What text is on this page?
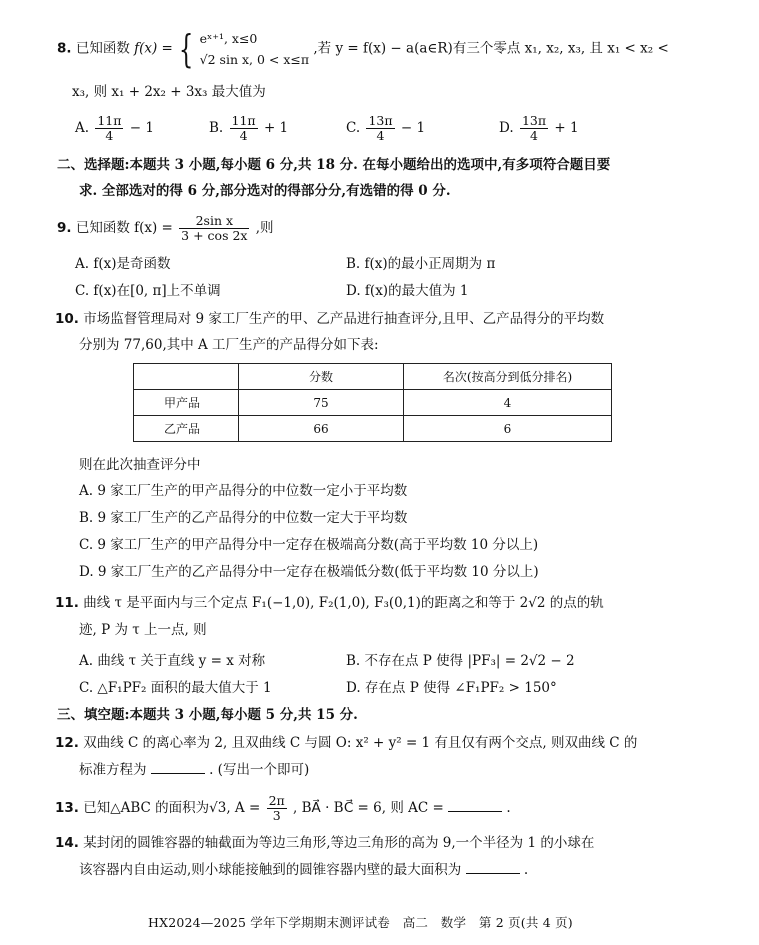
8. 已知函数 f(x) = { eˣ⁺¹, x≤0
√2 sin x, 0 < x≤π
,若 y = f(x) − a(a∈R)有三个零点 x₁, x₂, x₃, 且 x₁ < x₂ <
x₃, 则 x₁ + 2x₂ + 3x₃ 最大值为
A. $\frac{11\pi}{4} - 1$	B. $\frac{11\pi}{4} + 1$	C. $\frac{13\pi}{4} - 1$	D. $\frac{13\pi}{4} + 1$
二、选择题:本题共 3 小题,每小题 6 分,共 18 分. 在每小题给出的选项中,有多项符合题目要
求. 全部选对的得 6 分,部分选对的得部分分,有选错的得 0 分.
9. 已知函数 $f(x) = \frac{\text{2sin x}}{3 + \cos 2x}$ ,则
A. f(x)是奇函数	B. f(x)的最小正周期为 π
C. f(x)在[0, π]上不单调	D. f(x)的最大值为 1
10. 市场监督管理局对 9 家工厂生产的甲、乙产品进行抽查评分,且甲、乙产品得分的平均数
分别为 77,60,其中 A 工厂生产的产品得分如下表:
	分数	名次(按高分到低分排名)
甲产品	75	4
乙产品	66	6
则在此次抽查评分中
A. 9 家工厂生产的甲产品得分的中位数一定小于平均数
B. 9 家工厂生产的乙产品得分的中位数一定大于平均数
C. 9 家工厂生产的甲产品得分中一定存在极端高分数(高于平均数 10 分以上)
D. 9 家工厂生产的乙产品得分中一定存在极端低分数(低于平均数 10 分以上)
11. 曲线 τ 是平面内与三个定点 F₁(−1,0), F₂(1,0), F₃(0,1)的距离之和等于 2√2 的点的轨
迹, P 为 τ 上一点, 则
A. 曲线 τ 关于直线 y = x 对称	B. 不存在点 P 使得 |PF₃| = 2√2 − 2
C. △F₁PF₂ 面积的最大值大于 1	D. 存在点 P 使得 ∠F₁PF₂ > 150°
三、填空题:本题共 3 小题,每小题 5 分,共 15 分.
12. 双曲线 C 的离心率为 2, 且双曲线 C 与圆 O: x² + y² = 1 有且仅有两个交点, 则双曲线 C 的
标准方程为	. (写出一个即可)
13. 已知△ABC 的面积为√3, $A = \frac{2\pi}{3}$ , BA⃗ · BC⃗ = 6, 则 AC =	.
14. 某封闭的圆锥容器的轴截面为等边三角形,等边三角形的高为 9,一个半径为 1 的小球在
该容器内自由运动,则小球能接触到的圆锥容器内壁的最大面积为	.
HX2024—2025 学年下学期期末测评试卷　高二　数学　第 2 页(共 4 页)
